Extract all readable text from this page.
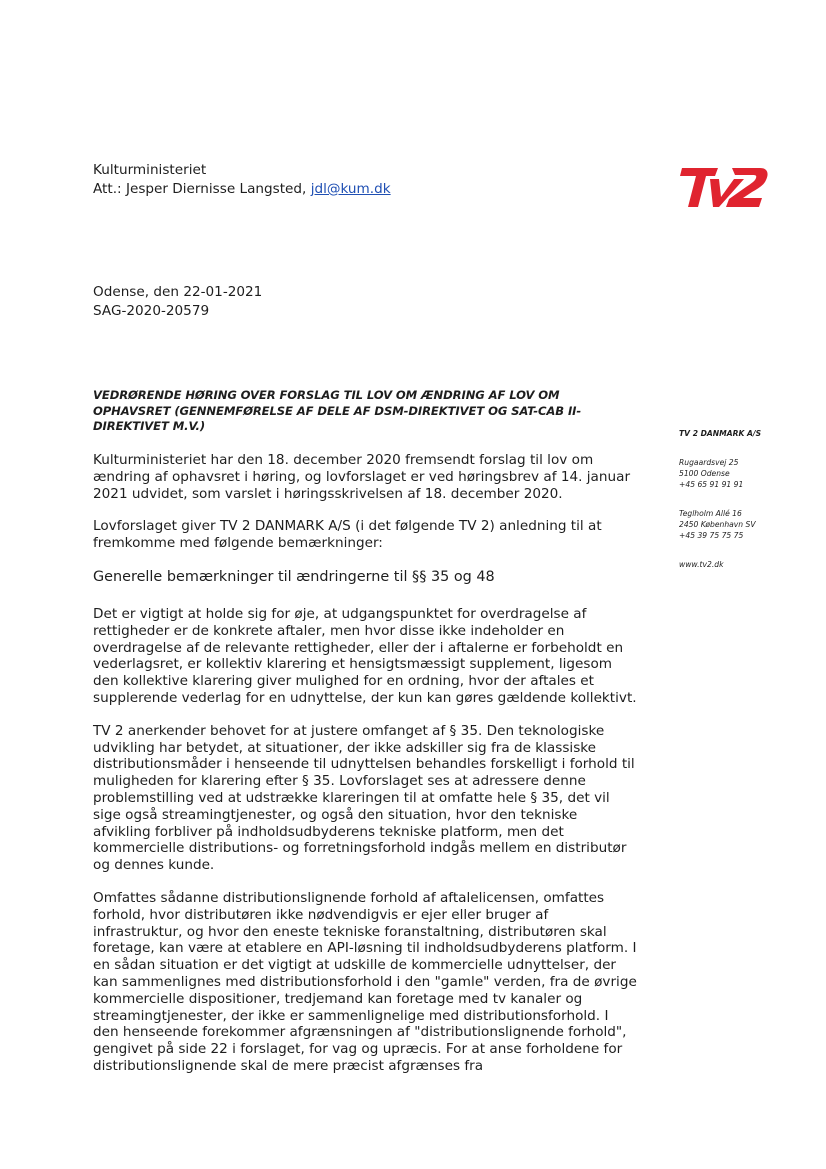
Kulturministeriet
Att.: Jesper Diernisse Langsted, jdl@kum.dk
Odense, den 22-01-2021
SAG-2020-20579
VEDRØRENDE HØRING OVER FORSLAG TIL LOV OM ÆNDRING AF LOV OM OPHAVSRET (GENNEMFØRELSE AF DELE AF DSM-DIREKTIVET OG SAT-CAB II-DIREKTIVET M.V.)

Kulturministeriet har den 18. december 2020 fremsendt forslag til lov om ændring af ophavsret i høring, og lovforslaget er ved høringsbrev af 14. januar 2021 udvidet, som varslet i høringsskrivelsen af 18. december 2020.

Lovforslaget giver TV 2 DANMARK A/S (i det følgende TV 2) anledning til at fremkomme med følgende bemærkninger:

Generelle bemærkninger til ændringerne til §§ 35 og 48

Det er vigtigt at holde sig for øje, at udgangspunktet for overdragelse af rettigheder er de konkrete aftaler, men hvor disse ikke indeholder en overdragelse af de relevante rettigheder, eller der i aftalerne er forbeholdt en vederlagsret, er kollektiv klarering et hensigtsmæssigt supplement, ligesom den kollektive klarering giver mulighed for en ordning, hvor der aftales et supplerende vederlag for en udnyttelse, der kun kan gøres gældende kollektivt.

TV 2 anerkender behovet for at justere omfanget af § 35. Den teknologiske udvikling har betydet, at situationer, der ikke adskiller sig fra de klassiske distributionsmåder i henseende til udnyttelsen behandles forskelligt i forhold til muligheden for klarering efter § 35. Lovforslaget ses at adressere denne problemstilling ved at udstrække klareringen til at omfatte hele § 35, det vil sige også streamingtjenester, og også den situation, hvor den tekniske afvikling forbliver på indholdsudbyderens tekniske platform, men det kommercielle distributions- og forretningsforhold indgås mellem en distributør og dennes kunde.

Omfattes sådanne distributionslignende forhold af aftalelicensen, omfattes forhold, hvor distributøren ikke nødvendigvis er ejer eller bruger af infrastruktur, og hvor den eneste tekniske foranstaltning, distributøren skal foretage, kan være at etablere en API-løsning til indholdsudbyderens platform. I en sådan situation er det vigtigt at udskille de kommercielle udnyttelser, der kan sammenlignes med distributionsforhold i den "gamle" verden, fra de øvrige kommercielle dispositioner, tredjemand kan foretage med tv kanaler og streamingtjenester, der ikke er sammenlignelige med distributionsforhold. I den henseende forekommer afgrænsningen af "distributionslignende forhold", gengivet på side 22 i forslaget, for vag og upræcis. For at anse forholdene for distributionslignende skal de mere præcist afgrænses fra

TV 2 DANMARK A/S
Rugaardsvej 25
5100 Odense
+45 65 91 91 91
Teglholm Allé 16
2450 København SV
+45 39 75 75 75
www.tv2.dk
